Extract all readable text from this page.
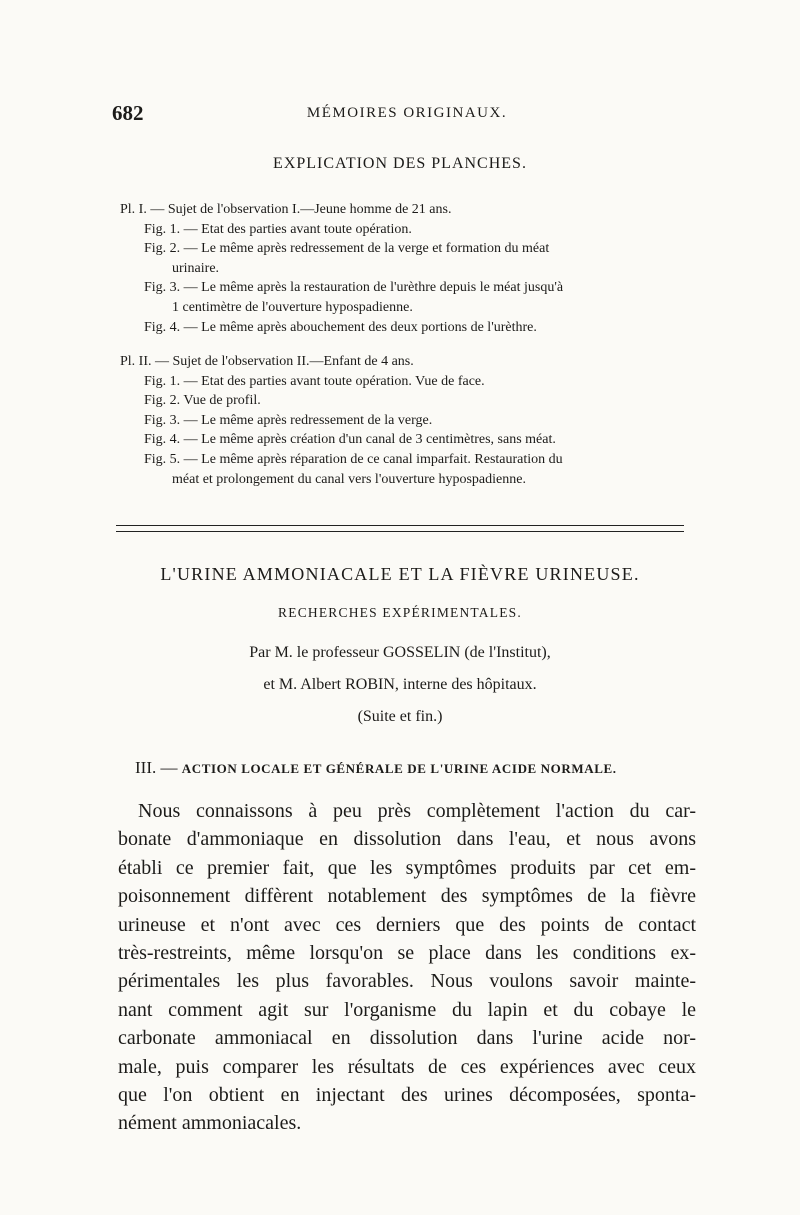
682	MÉMOIRES ORIGINAUX.
EXPLICATION DES PLANCHES.
Pl. I. — Sujet de l'observation I.—Jeune homme de 21 ans.
Fig. 1. — Etat des parties avant toute opération.
Fig. 2. — Le même après redressement de la verge et formation du méat
urinaire.
Fig. 3. — Le même après la restauration de l'urèthre depuis le méat jusqu'à
1 centimètre de l'ouverture hypospadienne.
Fig. 4. — Le même après abouchement des deux portions de l'urèthre.
Pl. II. — Sujet de l'observation II.—Enfant de 4 ans.
Fig. 1. — Etat des parties avant toute opération. Vue de face.
Fig. 2. Vue de profil.
Fig. 3. — Le même après redressement de la verge.
Fig. 4. — Le même après création d'un canal de 3 centimètres, sans méat.
Fig. 5. — Le même après réparation de ce canal imparfait. Restauration du
méat et prolongement du canal vers l'ouverture hypospadienne.
L'URINE AMMONIACALE ET LA FIÈVRE URINEUSE.
RECHERCHES EXPÉRIMENTALES.
Par M. le professeur GOSSELIN (de l'Institut),
et M. Albert ROBIN, interne des hôpitaux.
(Suite et fin.)
III. — ACTION LOCALE ET GÉNÉRALE DE L'URINE ACIDE NORMALE.
Nous connaissons à peu près complètement l'action du car-
bonate d'ammoniaque en dissolution dans l'eau, et nous avons
établi ce premier fait, que les symptômes produits par cet em-
poisonnement diffèrent notablement des symptômes de la fièvre
urineuse et n'ont avec ces derniers que des points de contact
très-restreints, même lorsqu'on se place dans les conditions ex-
périmentales les plus favorables. Nous voulons savoir mainte-
nant comment agit sur l'organisme du lapin et du cobaye le
carbonate ammoniacal en dissolution dans l'urine acide nor-
male, puis comparer les résultats de ces expériences avec ceux
que l'on obtient en injectant des urines décomposées, sponta-
nément ammoniacales.
